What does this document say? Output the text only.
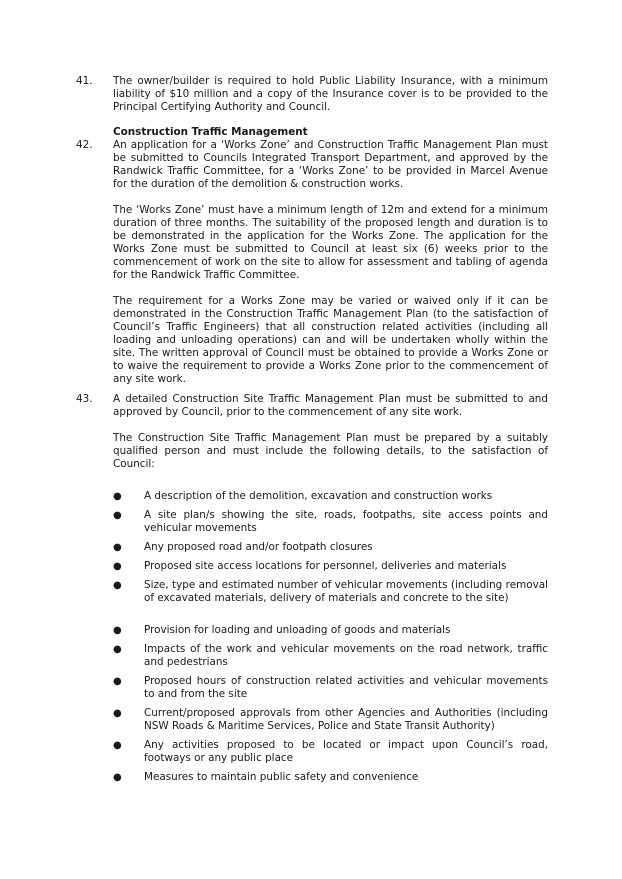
41. The owner/builder is required to hold Public Liability Insurance, with a minimum liability of $10 million and a copy of the Insurance cover is to be provided to the Principal Certifying Authority and Council.

Construction Traffic Management
42. An application for a ‘Works Zone’ and Construction Traffic Management Plan must be submitted to Councils Integrated Transport Department, and approved by the Randwick Traffic Committee, for a ‘Works Zone’ to be provided in Marcel Avenue for the duration of the demolition & construction works.

The ‘Works Zone’ must have a minimum length of 12m and extend for a minimum duration of three months. The suitability of the proposed length and duration is to be demonstrated in the application for the Works Zone. The application for the Works Zone must be submitted to Council at least six (6) weeks prior to the commencement of work on the site to allow for assessment and tabling of agenda for the Randwick Traffic Committee.

The requirement for a Works Zone may be varied or waived only if it can be demonstrated in the Construction Traffic Management Plan (to the satisfaction of Council’s Traffic Engineers) that all construction related activities (including all loading and unloading operations) can and will be undertaken wholly within the site. The written approval of Council must be obtained to provide a Works Zone or to waive the requirement to provide a Works Zone prior to the commencement of any site work.

43. A detailed Construction Site Traffic Management Plan must be submitted to and approved by Council, prior to the commencement of any site work.

The Construction Site Traffic Management Plan must be prepared by a suitably qualified person and must include the following details, to the satisfaction of Council:

● A description of the demolition, excavation and construction works
● A site plan/s showing the site, roads, footpaths, site access points and vehicular movements
● Any proposed road and/or footpath closures
● Proposed site access locations for personnel, deliveries and materials
● Size, type and estimated number of vehicular movements (including removal of excavated materials, delivery of materials and concrete to the site)
● Provision for loading and unloading of goods and materials
● Impacts of the work and vehicular movements on the road network, traffic and pedestrians
● Proposed hours of construction related activities and vehicular movements to and from the site
● Current/proposed approvals from other Agencies and Authorities (including NSW Roads & Maritime Services, Police and State Transit Authority)
● Any activities proposed to be located or impact upon Council’s road, footways or any public place
● Measures to maintain public safety and convenience
